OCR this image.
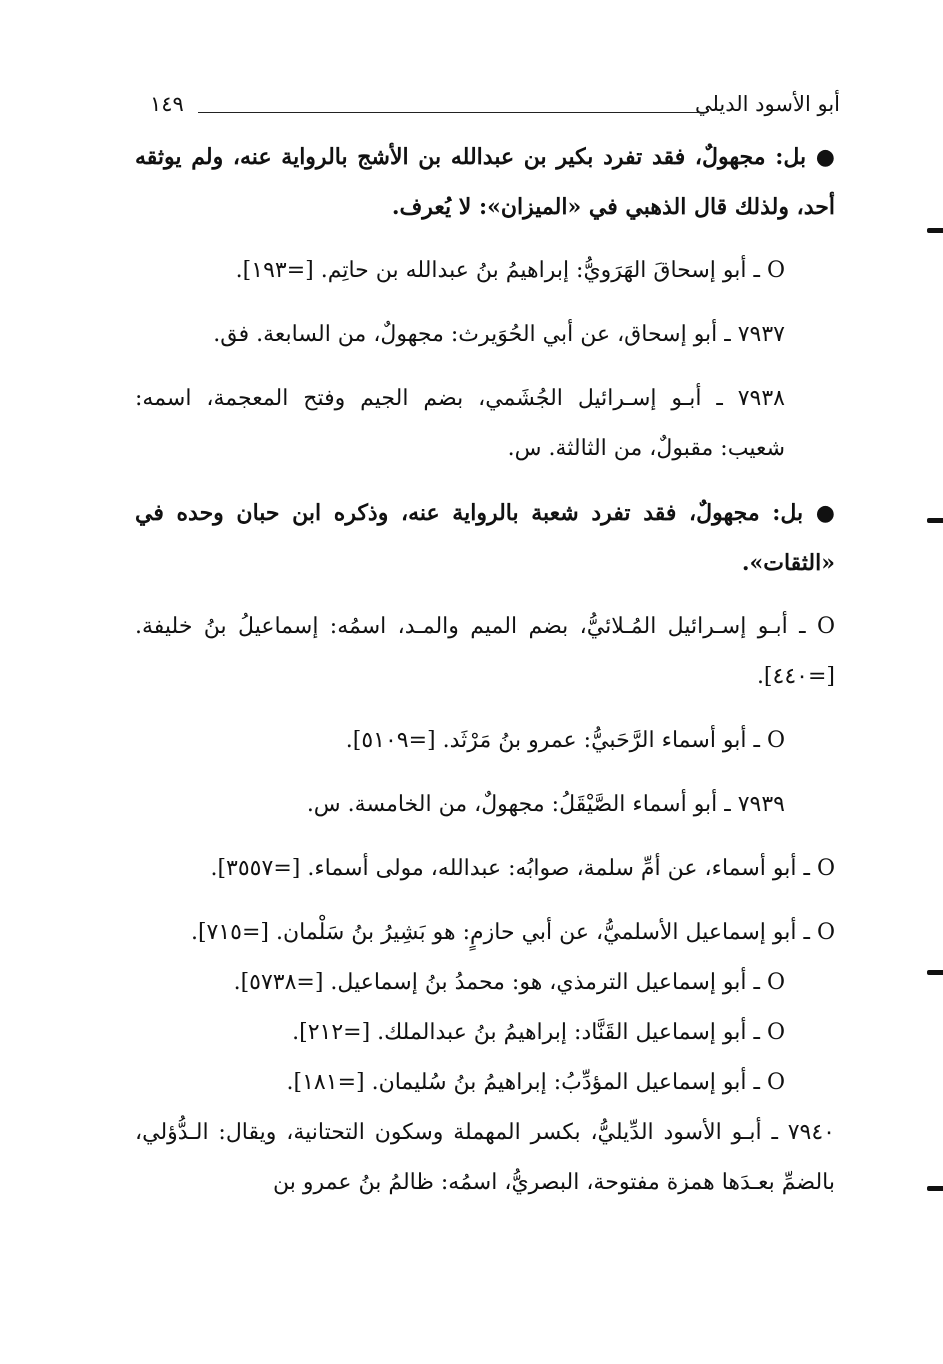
أبو الأسود الديلي
١٤٩

● بل: مجهولٌ، فقد تفرد بكير بن عبدالله بن الأشج بالرواية عنه، ولم يوثقه أحد، ولذلك قال الذهبي في «الميزان»: لا يُعرف.

O ـ أبو إسحاقَ الهَرَويُّ: إبراهيمُ بنُ عبدالله بن حاتِم. [=١٩٣].

٧٩٣٧ ـ أبو إسحاق، عن أبي الحُوَيرث: مجهولٌ، من السابعة. فق.

٧٩٣٨ ـ أبـو إسـرائيل الجُشَمي، بضم الجيم وفتح المعجمة، اسمه: شعيب: مقبولٌ، من الثالثة. س.

● بل: مجهولٌ، فقد تفرد شعبة بالرواية عنه، وذكره ابن حبان وحده في «الثقات».

O ـ أبـو إسـرائيل المُـلائيُّ، بضم الميم والمـد، اسمُه: إسماعيلُ بنُ خليفة. [=٤٤٠].

O ـ أبو أسماء الرَّحَبيُّ: عمرو بنُ مَرْثَد. [=٥١٠٩].

٧٩٣٩ ـ أبو أسماء الصَّيْقَلُ: مجهولٌ، من الخامسة. س.

O ـ أبو أسماء، عن أمِّ سلمة، صوابُه: عبدالله، مولى أسماء. [=٣٥٥٧].

O ـ أبو إسماعيل الأسلميُّ، عن أبي حازمٍ: هو بَشِيرُ بنُ سَلْمان. [=٧١٥].

O ـ أبو إسماعيل الترمذي، هو: محمدُ بنُ إسماعيل. [=٥٧٣٨].

O ـ أبو إسماعيل القَنَّاد: إبراهيمُ بنُ عبدالملك. [=٢١٢].

O ـ أبو إسماعيل المؤدِّبُ: إبراهيمُ بنُ سُليمان. [=١٨١].

٧٩٤٠ ـ أبـو الأسود الدِّيليُّ، بكسر المهملة وسكون التحتانية، ويقال: الـدُّؤلي، بالضمِّ بعـدَها همزة مفتوحة، البصريُّ، اسمُه: ظالمُ بنُ عمرو بن
